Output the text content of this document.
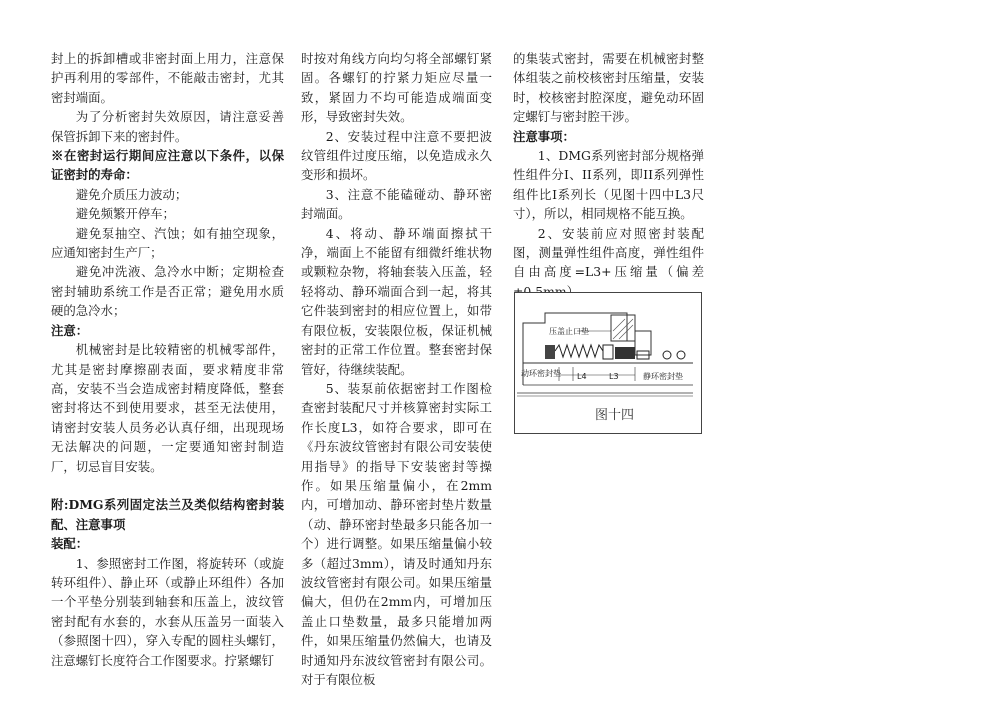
封上的拆卸槽或非密封面上用力，注意保护再利用的零部件，不能敲击密封，尤其密封端面。

为了分析密封失效原因，请注意妥善保管拆卸下来的密封件。

※在密封运行期间应注意以下条件，以保证密封的寿命：

避免介质压力波动；

避免频繁开停车；

避免泵抽空、汽蚀；如有抽空现象，应通知密封生产厂；

避免冲洗液、急冷水中断；定期检查密封辅助系统工作是否正常；避免用水质硬的急冷水；

注意：

机械密封是比较精密的机械零部件，尤其是密封摩擦副表面，要求精度非常高，安装不当会造成密封精度降低，整套密封将达不到使用要求，甚至无法使用，请密封安装人员务必认真仔细，出现现场无法解决的问题，一定要通知密封制造厂，切忌盲目安装。

附:DMG系列固定法兰及类似结构密封装配、注意事项

装配：

1、参照密封工作图，将旋转环（或旋转环组件）、静止环（或静止环组件）各加一个平垫分别装到轴套和压盖上，波纹管密封配有水套的，水套从压盖另一面装入（参照图十四），穿入专配的圆柱头螺钉，注意螺钉长度符合工作图要求。拧紧螺钉

时按对角线方向均匀将全部螺钉紧固。各螺钉的拧紧力矩应尽量一致，紧固力不均可能造成端面变形，导致密封失效。

2、安装过程中注意不要把波纹管组件过度压缩，以免造成永久变形和损坏。

3、注意不能磕碰动、静环密封端面。

4、将动、静环端面擦拭干净，端面上不能留有细微纤维状物或颗粒杂物，将轴套装入压盖，轻轻将动、静环端面合到一起，将其它件装到密封的相应位置上，如带有限位板，安装限位板，保证机械密封的正常工作位置。整套密封保管好，待继续装配。

5、装泵前依据密封工作图检查密封装配尺寸并核算密封实际工作长度L3，如符合要求，即可在《丹东波纹管密封有限公司安装使用指导》的指导下安装密封等操作。如果压缩量偏小，在2mm内，可增加动、静环密封垫片数量（动、静环密封垫最多只能各加一个）进行调整。如果压缩量偏小较多（超过3mm），请及时通知丹东波纹管密封有限公司。如果压缩量偏大，但仍在2mm内，可增加压盖止口垫数量，最多只能增加两件，如果压缩量仍然偏大，也请及时通知丹东波纹管密封有限公司。对于有限位板

的集装式密封，需要在机械密封整体组装之前校核密封压缩量，安装时，校核密封腔深度，避免动环固定螺钉与密封腔干涉。

注意事项：

1、DMG系列密封部分规格弹性组件分I、II系列，即II系列弹性组件比I系列长（见图十四中L3尺寸），所以，相同规格不能互换。

2、安装前应对照密封装配图，测量弹性组件高度，弹性组件自由高度=L3+压缩量（偏差

压盖止口垫
动环密封垫 L4	L3	静环密封垫
图十四
